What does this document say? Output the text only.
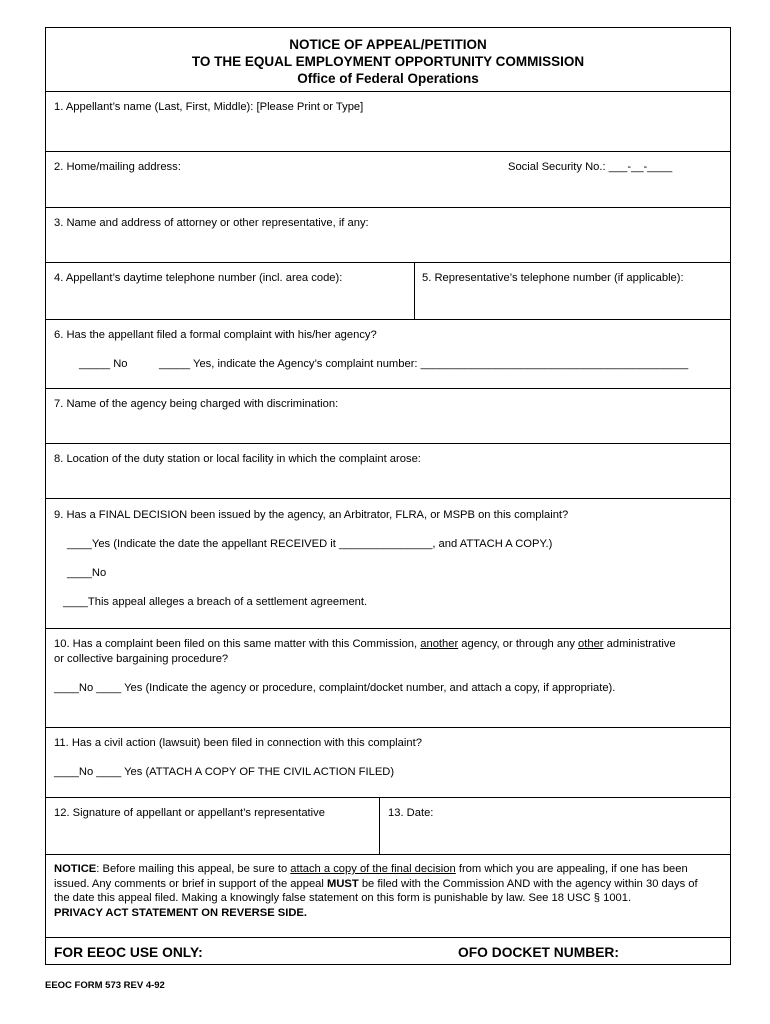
NOTICE OF APPEAL/PETITION
TO THE EQUAL EMPLOYMENT OPPORTUNITY COMMISSION
Office of Federal Operations
1. Appellant’s name (Last, First, Middle): [Please Print or Type]
2. Home/mailing address:	Social Security No.: ___-__-____
3. Name and address of attorney or other representative, if any:
4. Appellant’s daytime telephone number (incl. area code):	5. Representative’s telephone number (if applicable):
6. Has the appellant filed a formal complaint with his/her agency?
_____ No	_____ Yes, indicate the Agency’s complaint number: ___________________________________________
7. Name of the agency being charged with discrimination:
8. Location of the duty station or local facility in which the complaint arose:
9. Has a FINAL DECISION been issued by the agency, an Arbitrator, FLRA, or MSPB on this complaint?
____Yes (Indicate the date the appellant RECEIVED it _______________, and ATTACH A COPY.)
____No
____This appeal alleges a breach of a settlement agreement.
10. Has a complaint been filed on this same matter with this Commission, another agency, or through any other administrative
or collective bargaining procedure?
____No ____ Yes (Indicate the agency or procedure, complaint/docket number, and attach a copy, if appropriate).
11. Has a civil action (lawsuit) been filed in connection with this complaint?
____No ____ Yes (ATTACH A COPY OF THE CIVIL ACTION FILED)
12. Signature of appellant or appellant’s representative	13. Date:
NOTICE: Before mailing this appeal, be sure to attach a copy of the final decision from which you are appealing, if one has been issued. Any comments or brief in support of the appeal MUST be filed with the Commission AND with the agency within 30 days of the date this appeal filed. Making a knowingly false statement on this form is punishable by law. See 18 USC § 1001.
PRIVACY ACT STATEMENT ON REVERSE SIDE.
FOR EEOC USE ONLY:	OFO DOCKET NUMBER:
EEOC FORM 573 REV 4-92
